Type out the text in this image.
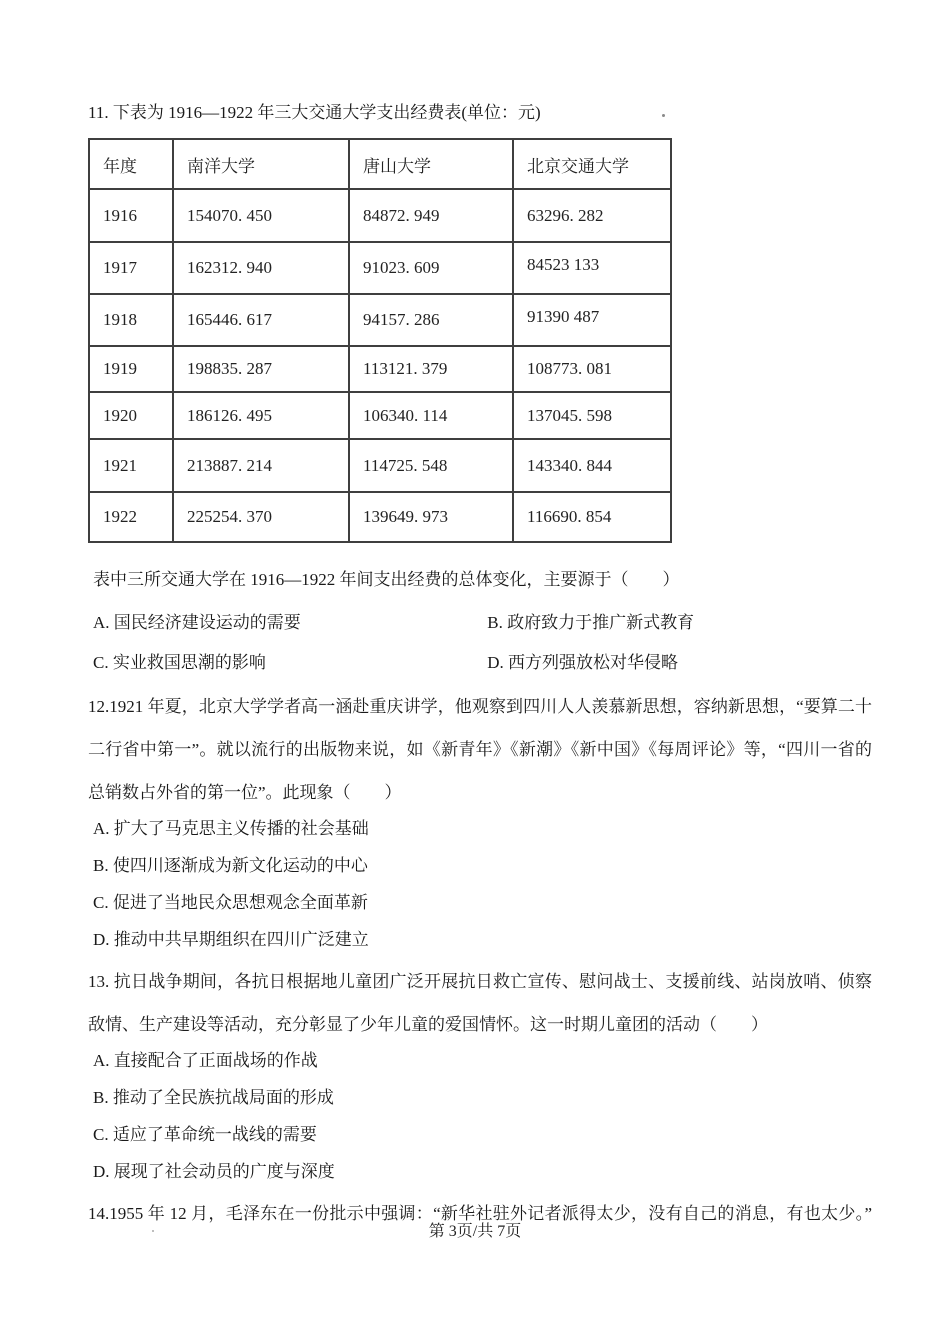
11. 下表为 1916—1922 年三大交通大学支出经费表(单位：元)

年度	南洋大学	唐山大学	北京交通大学
1916	154070. 450	84872. 949	63296. 282
1917	162312. 940	91023. 609	84523 133
1918	165446. 617	94157. 286	91390 487
1919	198835. 287	113121. 379	108773. 081
1920	186126. 495	106340. 114	137045. 598
1921	213887. 214	114725. 548	143340. 844
1922	225254. 370	139649. 973	116690. 854

表中三所交通大学在 1916—1922 年间支出经费的总体变化，主要源于（　　）

A. 国民经济建设运动的需要	B. 政府致力于推广新式教育
C. 实业救国思潮的影响	D. 西方列强放松对华侵略

12.1921 年夏，北京大学学者高一涵赴重庆讲学，他观察到四川人人羡慕新思想，容纳新思想，“要算二十二行省中第一”。就以流行的出版物来说，如《新青年》《新潮》《新中国》《每周评论》等，“四川一省的总销数占外省的第一位”。此现象（　　）

A. 扩大了马克思主义传播的社会基础

B. 使四川逐渐成为新文化运动的中心

C. 促进了当地民众思想观念全面革新

D. 推动中共早期组织在四川广泛建立

13. 抗日战争期间，各抗日根据地儿童团广泛开展抗日救亡宣传、慰问战士、支援前线、站岗放哨、侦察敌情、生产建设等活动，充分彰显了少年儿童的爱国情怀。这一时期儿童团的活动（　　）

A. 直接配合了正面战场的作战

B. 推动了全民族抗战局面的形成

C. 适应了革命统一战线的需要

D. 展现了社会动员的广度与深度

14.1955 年 12 月，毛泽东在一份批示中强调：“新华社驻外记者派得太少，没有自己的消息，有也太少。”

第 3页/共 7页
